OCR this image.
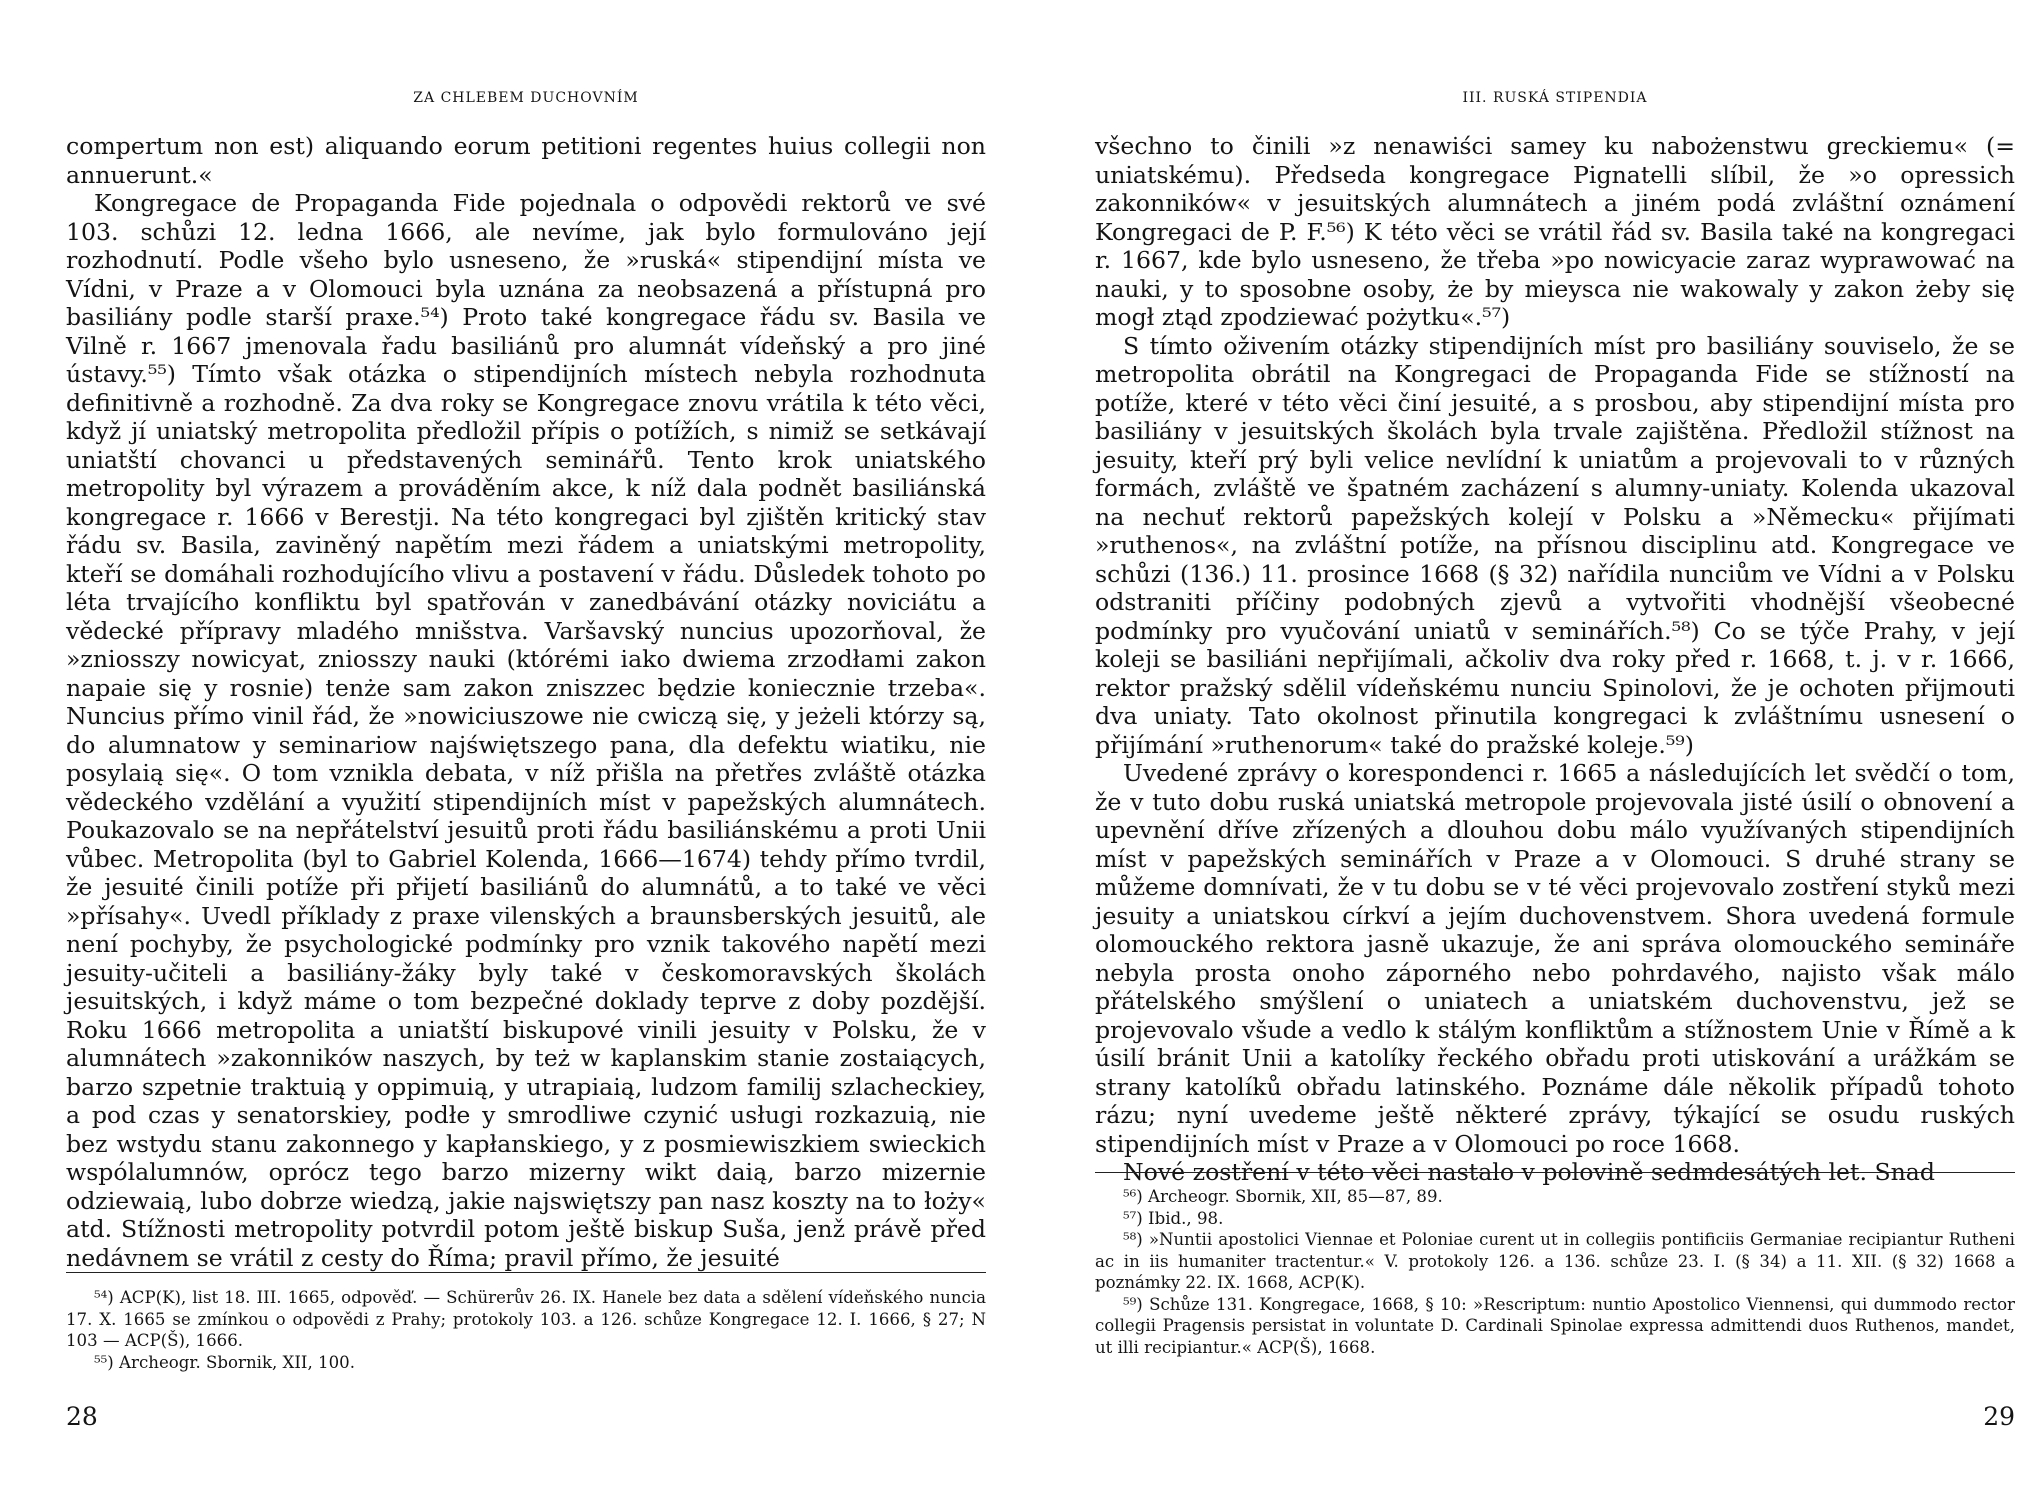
ZA CHLEBEM DUCHOVNÍM

compertum non est) aliquando eorum petitioni regentes huius collegii non annuerunt.«

Kongregace de Propaganda Fide pojednala o odpovědi rektorů ve své 103. schůzi 12. ledna 1666, ale nevíme, jak bylo formulováno její rozhodnutí. Podle všeho bylo usneseno, že »ruská« stipendijní místa ve Vídni, v Praze a v Olomouci byla uznána za neobsazená a přístupná pro basiliány podle starší praxe.⁵⁴) Proto také kongregace řádu sv. Basila ve Vilně r. 1667 jmenovala řadu basiliánů pro alumnát vídeňský a pro jiné ústavy.⁵⁵) Tímto však otázka o stipendijních místech nebyla rozhodnuta definitivně a rozhodně. Za dva roky se Kongregace znovu vrátila k této věci, když jí uniatský metropolita předložil přípis o potížích, s nimiž se setkávají uniatští chovanci u představených seminářů. Tento krok uniatského metropolity byl výrazem a prováděním akce, k níž dala podnět basiliánská kongregace r. 1666 v Berestji. Na této kongregaci byl zjištěn kritický stav řádu sv. Basila, zaviněný napětím mezi řádem a uniatskými metropolity, kteří se domáhali rozhodujícího vlivu a postavení v řádu. Důsledek tohoto po léta trvajícího konfliktu byl spatřován v zanedbávání otázky noviciátu a vědecké přípravy mladého mnišstva. Varšavský nuncius upozorňoval, že »zniosszy nowicyat, zniosszy nauki (którémi iako dwiema zrzodłami zakon napaie się y rosnie) tenże sam zakon zniszzec będzie koniecznie trzeba«. Nuncius přímo vinil řád, že »nowiciuszowe nie cwiczą się, y jeżeli którzy są, do alumnatow y seminariow najświętszego pana, dla defektu wiatiku, nie posylaią się«. O tom vznikla debata, v níž přišla na přetřes zvláště otázka vědeckého vzdělání a využití stipendijních míst v papežských alumnátech. Poukazovalo se na nepřátelství jesuitů proti řádu basiliánskému a proti Unii vůbec. Metropolita (byl to Gabriel Kolenda, 1666—1674) tehdy přímo tvrdil, že jesuité činili potíže při přijetí basiliánů do alumnátů, a to také ve věci »přísahy«. Uvedl příklady z praxe vilenských a braunsberských jesuitů, ale není pochyby, že psychologické podmínky pro vznik takového napětí mezi jesuity-učiteli a basiliány-žáky byly také v českomoravských školách jesuitských, i když máme o tom bezpečné doklady teprve z doby pozdější. Roku 1666 metropolita a uniatští biskupové vinili jesuity v Polsku, že v alumnátech »zakonników naszych, by też w kaplanskim stanie zostaiących, barzo szpetnie traktuią y oppimuią, y utrapiaią, ludzom familij szlacheckiey, a pod czas y senatorskiey, podłe y smrodliwe czynić usługi rozkazuią, nie bez wstydu stanu zakonnego y kapłanskiego, y z posmiewiszkiem swieckich wspólalumnów, oprócz tego barzo mizerny wikt daią, barzo mizernie odziewaią, lubo dobrze wiedzą, jakie najswiętszy pan nasz koszty na to łoży« atd. Stížnosti metropolity potvrdil potom ještě biskup Suša, jenž právě před nedávnem se vrátil z cesty do Říma; pravil přímo, že jesuité

⁵⁴) ACP(K), list 18. III. 1665, odpověď. — Schürerův 26. IX. Hanele bez data a sdělení vídeňského nuncia 17. X. 1665 se zmínkou o odpovědi z Prahy; protokoly 103. a 126. schůze Kongregace 12. I. 1666, § 27; N 103 — ACP(Š), 1666.

⁵⁵) Archeogr. Sbornik, XII, 100.

28
III. RUSKÁ STIPENDIA

všechno to činili »z nenawiści samey ku nabożenstwu greckiemu« (= uniatskému). Předseda kongregace Pignatelli slíbil, že »o opressich zakonników« v jesuitských alumnátech a jiném podá zvláštní oznámení Kongregaci de P. F.⁵⁶) K této věci se vrátil řád sv. Basila také na kongregaci r. 1667, kde bylo usneseno, že třeba »po nowicyacie zaraz wyprawować na nauki, y to sposobne osoby, że by mieysca nie wakowaly y zakon żeby się mogł ztąd zpodziewać pożytku«.⁵⁷)

S tímto oživením otázky stipendijních míst pro basiliány souviselo, že se metropolita obrátil na Kongregaci de Propaganda Fide se stížností na potíže, které v této věci činí jesuité, a s prosbou, aby stipendijní místa pro basiliány v jesuitských školách byla trvale zajištěna. Předložil stížnost na jesuity, kteří prý byli velice nevlídní k uniatům a projevovali to v různých formách, zvláště ve špatném zacházení s alumny-uniaty. Kolenda ukazoval na nechuť rektorů papežských kolejí v Polsku a »Německu« přijímati »ruthenos«, na zvláštní potíže, na přísnou disciplinu atd. Kongregace ve schůzi (136.) 11. prosince 1668 (§ 32) nařídila nunciům ve Vídni a v Polsku odstraniti příčiny podobných zjevů a vytvořiti vhodnější všeobecné podmínky pro vyučování uniatů v seminářích.⁵⁸) Co se týče Prahy, v její koleji se basiliáni nepřijímali, ačkoliv dva roky před r. 1668, t. j. v r. 1666, rektor pražský sdělil vídeňskému nunciu Spinolovi, že je ochoten přijmouti dva uniaty. Tato okolnost přinutila kongregaci k zvláštnímu usnesení o přijímání »ruthenorum« také do pražské koleje.⁵⁹)

Uvedené zprávy o korespondenci r. 1665 a následujících let svědčí o tom, že v tuto dobu ruská uniatská metropole projevovala jisté úsilí o obnovení a upevnění dříve zřízených a dlouhou dobu málo využívaných stipendijních míst v papežských seminářích v Praze a v Olomouci. S druhé strany se můžeme domnívati, že v tu dobu se v té věci projevovalo zostření styků mezi jesuity a uniatskou církví a jejím duchovenstvem. Shora uvedená formule olomouckého rektora jasně ukazuje, že ani správa olomouckého semináře nebyla prosta onoho záporného nebo pohrdavého, najisto však málo přátelského smýšlení o uniatech a uniatském duchovenstvu, jež se projevovalo všude a vedlo k stálým konfliktům a stížnostem Unie v Římě a k úsilí bránit Unii a katolíky řeckého obřadu proti utiskování a urážkám se strany katolíků obřadu latinského. Poznáme dále několik případů tohoto rázu; nyní uvedeme ještě některé zprávy, týkající se osudu ruských stipendijních míst v Praze a v Olomouci po roce 1668.

Nové zostření v této věci nastalo v polovině sedmdesátých let. Snad

⁵⁶) Archeogr. Sbornik, XII, 85—87, 89.

⁵⁷) Ibid., 98.

⁵⁸) »Nuntii apostolici Viennae et Poloniae curent ut in collegiis pontificiis Germaniae recipiantur Rutheni ac in iis humaniter tractentur.« V. protokoly 126. a 136. schůze 23. I. (§ 34) a 11. XII. (§ 32) 1668 a poznámky 22. IX. 1668, ACP(K).

⁵⁹) Schůze 131. Kongregace, 1668, § 10: »Rescriptum: nuntio Apostolico Viennensi, qui dummodo rector collegii Pragensis persistat in voluntate D. Cardinali Spinolae expressa admittendi duos Ruthenos, mandet, ut illi recipiantur.« ACP(Š), 1668.

29
